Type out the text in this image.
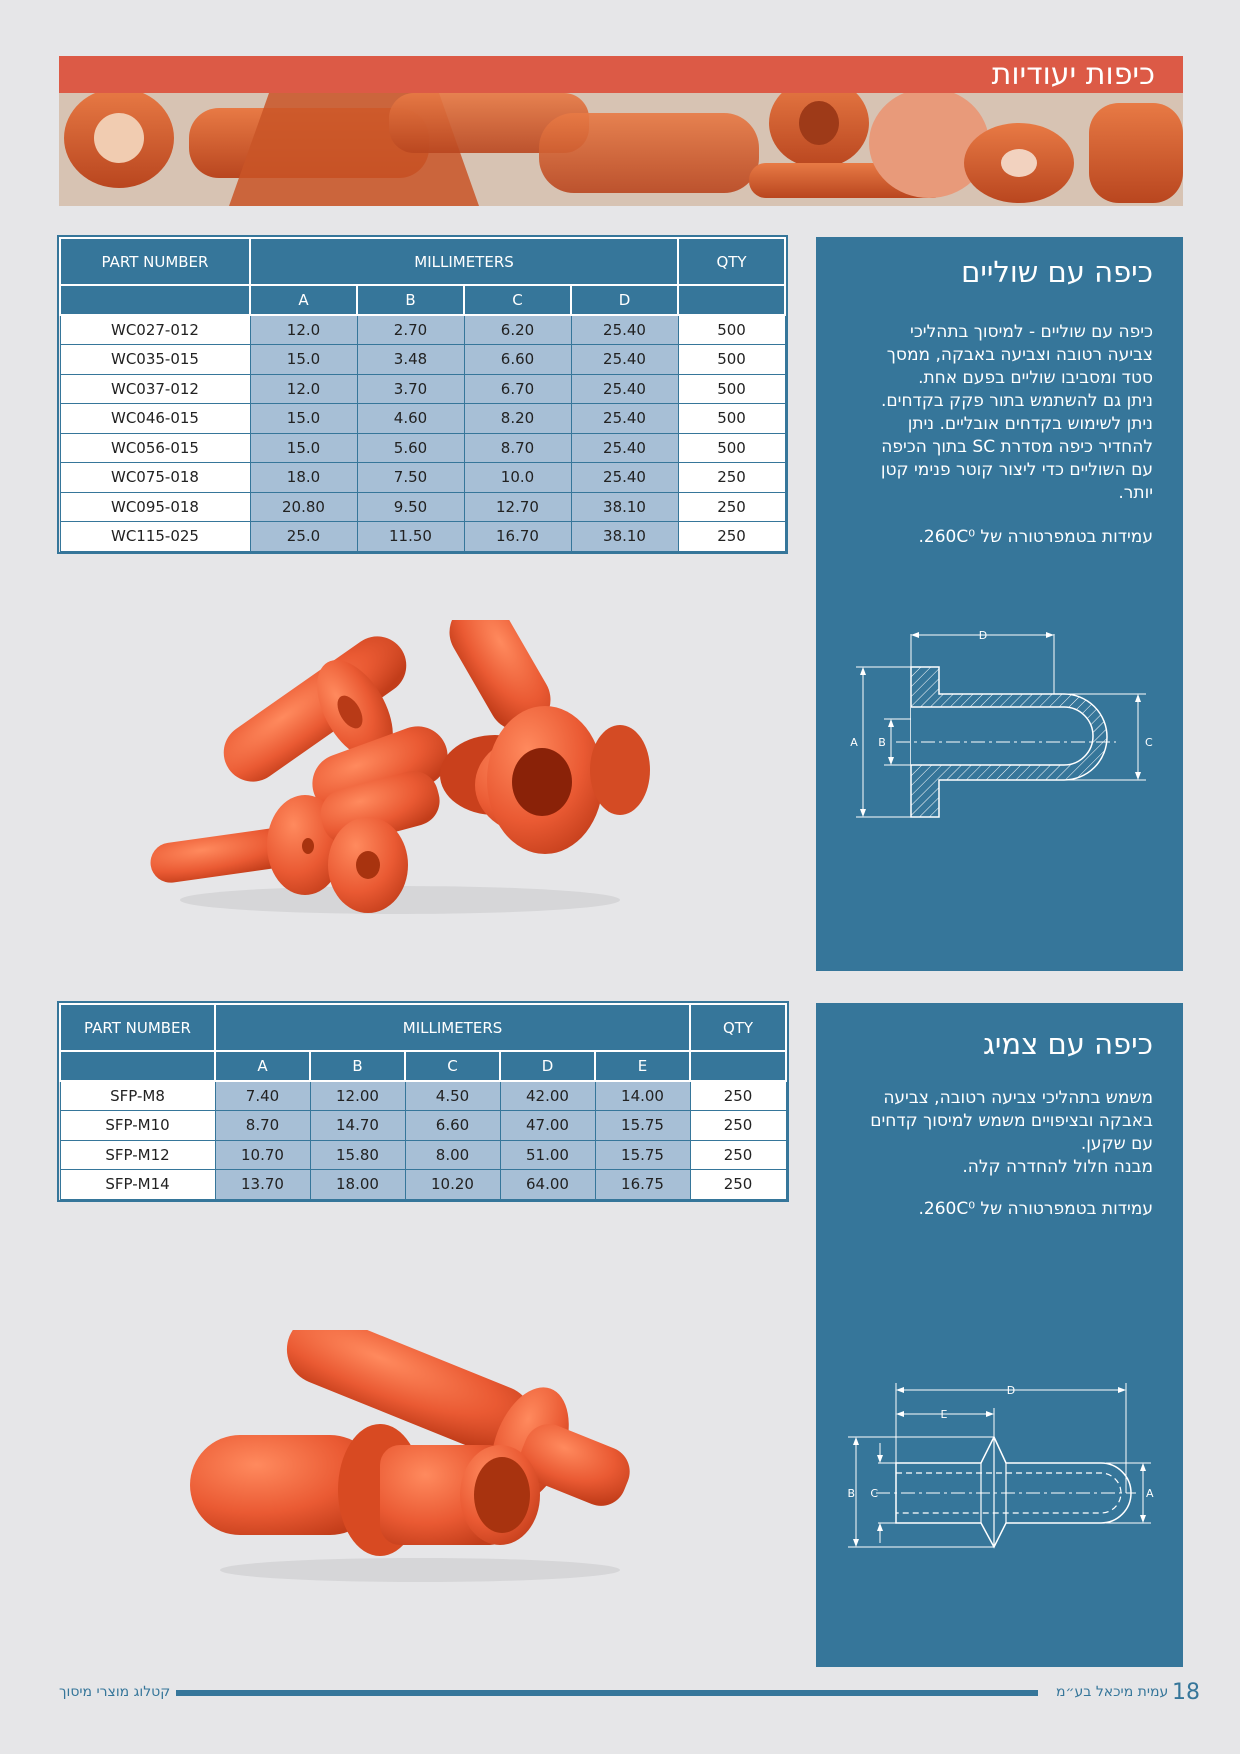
כיפות יעודיות
PART NUMBER	MILLIMETERS				QTY
	A	B	C	D	
WC027-012	12.0	2.70	6.20	25.40	500
WC035-015	15.0	3.48	6.60	25.40	500
WC037-012	12.0	3.70	6.70	25.40	500
WC046-015	15.0	4.60	8.20	25.40	500
WC056-015	15.0	5.60	8.70	25.40	500
WC075-018	18.0	7.50	10.0	25.40	250
WC095-018	20.80	9.50	12.70	38.10	250
WC115-025	25.0	11.50	16.70	38.10	250
כיפה עם שוליים
כיפה עם שוליים - למיסוך בתהליכי
צביעה רטובה וצביעה באבקה, ממסך
סטד ומסביבו שוליים בפעם אחת.
ניתן גם להשתמש בתור פקק בקדחים.
ניתן לשימוש בקדחים אובליים. ניתן
להחדיר כיפה מסדרת SC בתוך הכיפה
עם השוליים כדי ליצור קוטר פנימי קטן
יותר.
עמידות בטמפרטורה של 260C⁰.
D
A B	C
PART NUMBER	MILLIMETERS					QTY
	A	B	C	D	E	
SFP-M8	7.40	12.00	4.50	42.00	14.00	250
SFP-M10	8.70	14.70	6.60	47.00	15.75	250
SFP-M12	10.70	15.80	8.00	51.00	15.75	250
SFP-M14	13.70	18.00	10.20	64.00	16.75	250
כיפה עם צמיג
משמש בתהליכי צביעה רטובה, צביעה
באבקה ובציפויים משמש למיסוך קדחים
עם שקען.
מבנה חלול להחדרה קלה.
עמידות בטמפרטורה של 260C⁰.
D
E
B C	A
18
עמית מיכאל בע״מ
קטלוג מוצרי מיסוך
